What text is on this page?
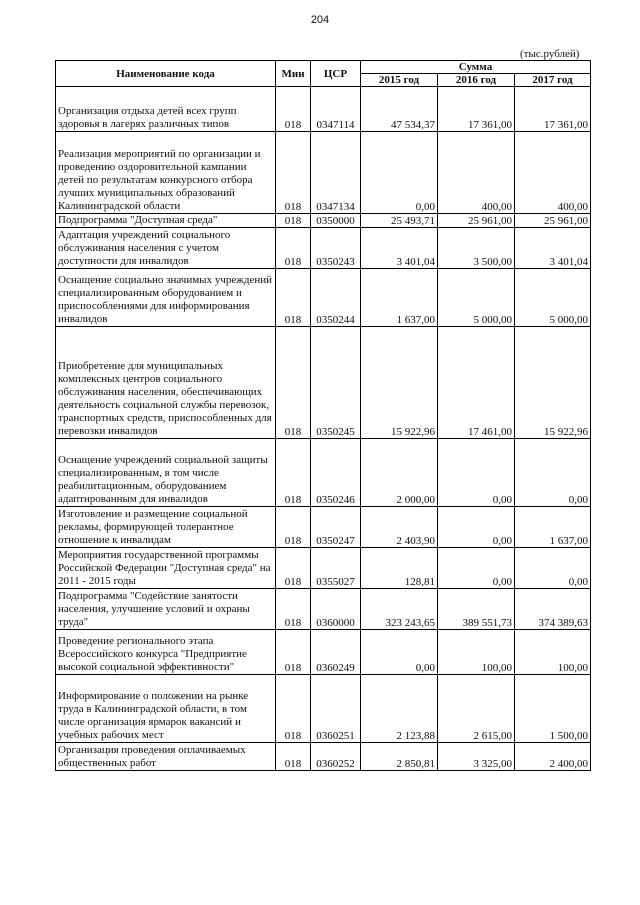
204
(тыс.рублей)
Наименование кода	Мин	ЦСР	Сумма		
			2015 год	2016 год	2017 год
Организация отдыха детей всех групп здоровья в лагерях различных типов	018	0347114	47 534,37	17 361,00	17 361,00
Реализация мероприятий по организации и проведению оздоровительной кампании детей по результатам конкурсного отбора лучших муниципальных образований Калининградской области	018	0347134	0,00	400,00	400,00
Подпрограмма "Доступная среда"	018	0350000	25 493,71	25 961,00	25 961,00
Адаптация учреждений социального обслуживания населения с учетом доступности для инвалидов	018	0350243	3 401,04	3 500,00	3 401,04
Оснащение социально значимых учреждений специализированным оборудованием и приспособлениями для информирования инвалидов	018	0350244	1 637,00	5 000,00	5 000,00
Приобретение для муниципальных комплексных центров социального обслуживания населения, обеспечивающих деятельность социальной службы перевозок, транспортных средств, приспособленных для перевозки инвалидов	018	0350245	15 922,96	17 461,00	15 922,96
Оснащение учреждений социальной защиты специализированным, в том числе реабилитационным, оборудованием адаптированным для инвалидов	018	0350246	2 000,00	0,00	0,00
Изготовление и размещение социальной рекламы, формирующей толерантное отношение к инвалидам	018	0350247	2 403,90	0,00	1 637,00
Мероприятия государственной программы Российской Федерации "Доступная среда" на 2011 - 2015 годы	018	0355027	128,81	0,00	0,00
Подпрограмма "Содействие занятости населения, улучшение условий и охраны труда"	018	0360000	323 243,65	389 551,73	374 389,63
Проведение регионального этапа Всероссийского конкурса "Предприятие высокой социальной эффективности"	018	0360249	0,00	100,00	100,00
Информирование о положении на рынке труда в Калининградской области, в том числе организация ярмарок вакансий и учебных рабочих мест	018	0360251	2 123,88	2 615,00	1 500,00
Организация проведения оплачиваемых общественных работ	018	0360252	2 850,81	3 325,00	2 400,00
